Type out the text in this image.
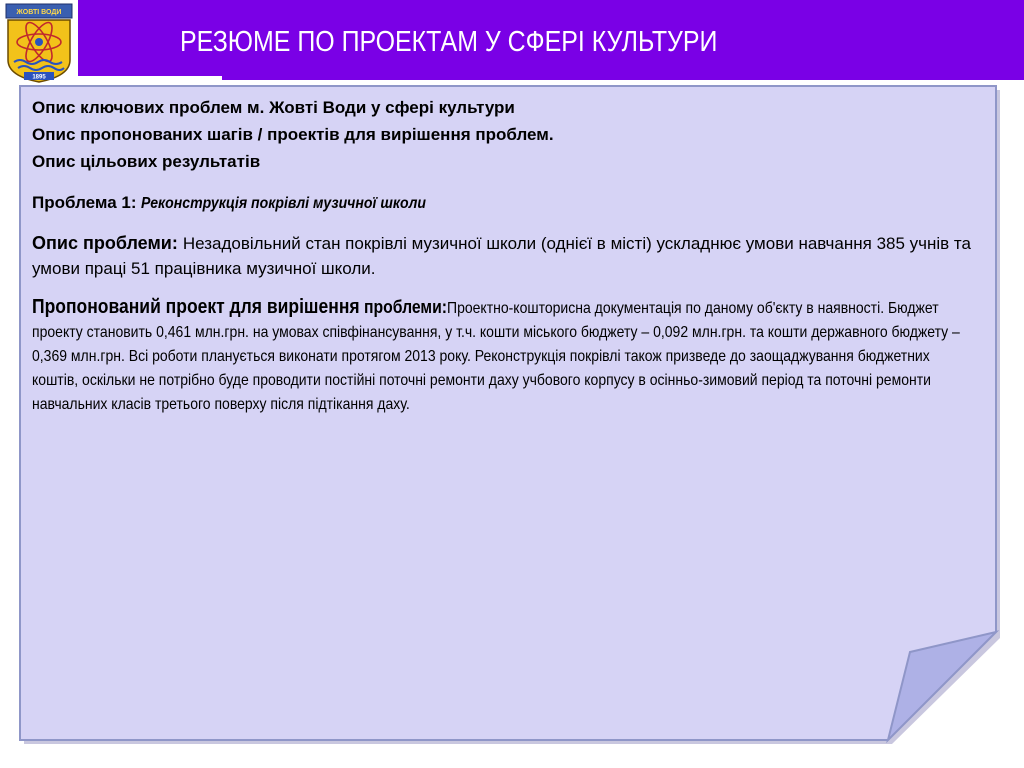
РЕЗЮМЕ ПО ПРОЕКТАМ У СФЕРІ КУЛЬТУРИ
ЖОВТІ ВОДИ
1895
Опис ключових проблем м. Жовті Води у сфері культури
Опис пропонованих шагів / проектів для вирішення проблем.
Опис цільових результатів
Проблема 1: Реконструкція покрівлі музичної школи
Опис проблеми: Незадовільний стан покрівлі музичної школи (однієї в місті) ускладнює умови навчання 385 учнів та умови праці 51 працівника музичної школи.
Пропонований проект для вирішення проблеми:Проектно-кошторисна документація по даному об'єкту в наявності. Бюджет проекту становить 0,461 млн.грн. на умовах співфінансування, у т.ч. кошти міського бюджету – 0,092 млн.грн. та кошти державного бюджету – 0,369 млн.грн. Всі роботи планується виконати протягом 2013 року. Реконструкція покрівлі також призведе до заощаджування бюджетних коштів, оскільки не потрібно буде проводити постійні поточні ремонти даху учбового корпусу в осінньо-зимовий період та поточні ремонти навчальних класів третього поверху після підтікання даху.
